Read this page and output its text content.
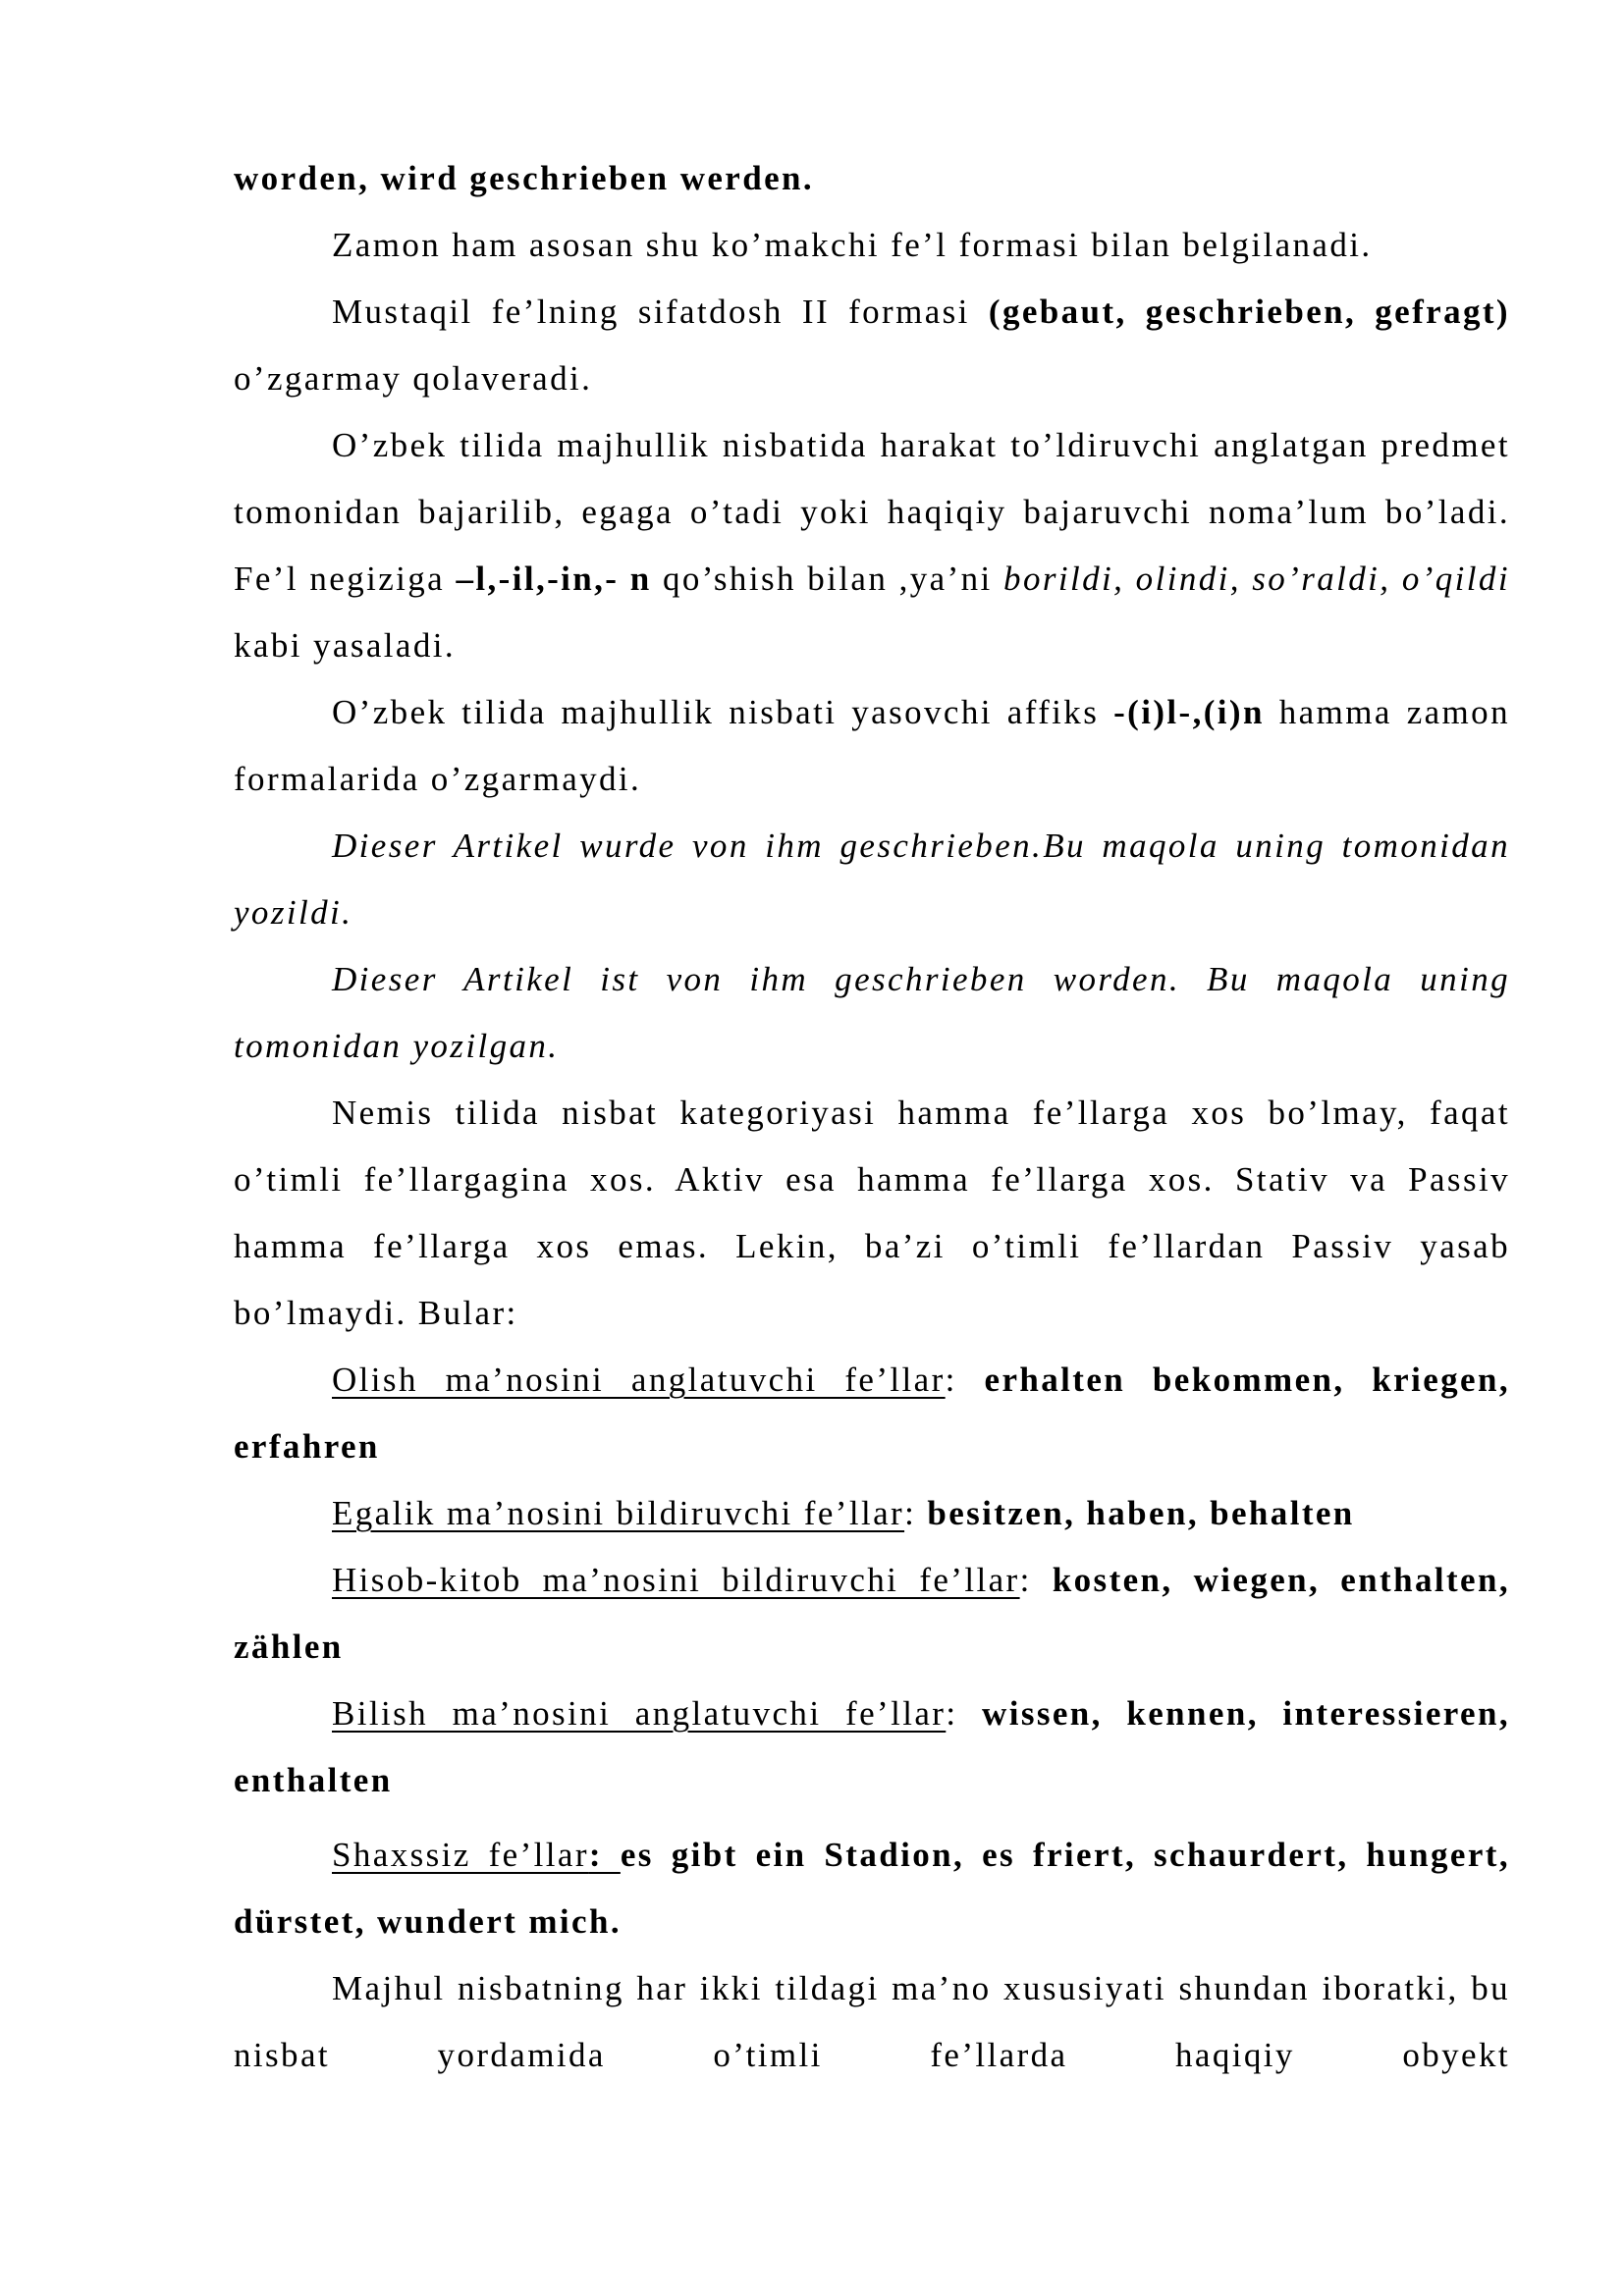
worden, wird geschrieben werden.

Zamon ham asosan shu ko’makchi fe’l formasi bilan belgilanadi.

Mustaqil fe’lning sifatdosh II formasi (gebaut, geschrieben, gefragt) o’zgarmay qolaveradi.

O’zbek tilida majhullik nisbatida harakat to’ldiruvchi anglatgan predmet tomonidan bajarilib, egaga o’tadi yoki haqiqiy bajaruvchi noma’lum bo’ladi. Fe’l negiziga –l,-il,-in,- n qo’shish bilan ,ya’ni borildi, olindi, so’raldi, o’qildi kabi yasaladi.

O’zbek tilida majhullik nisbati yasovchi affiks -(i)l-,(i)n hamma zamon formalarida o’zgarmaydi.

Dieser Artikel wurde von ihm geschrieben.Bu maqola uning tomonidan yozildi.

Dieser Artikel ist von ihm geschrieben worden. Bu maqola uning tomonidan yozilgan.

Nemis tilida nisbat kategoriyasi hamma fe’llarga xos bo’lmay, faqat o’timli fe’llargagina xos. Aktiv esa hamma fe’llarga xos. Stativ va Passiv hamma fe’llarga xos emas. Lekin, ba’zi o’timli fe’llardan Passiv yasab bo’lmaydi. Bular:

Olish ma’nosini anglatuvchi fe’llar: erhalten bekommen, kriegen, erfahren

Egalik ma’nosini bildiruvchi fe’llar: besitzen, haben, behalten

Hisob-kitob ma’nosini bildiruvchi fe’llar: kosten, wiegen, enthalten, zählen

Bilish ma’nosini anglatuvchi fe’llar: wissen, kennen, interessieren, enthalten

Shaxssiz fe’llar: es gibt ein Stadion, es friert, schaurdert, hungert, dürstet, wundert mich.

Majhul nisbatning har ikki tildagi ma’no xususiyati shundan iboratki, bu nisbat yordamida o’timli fe’llarda haqiqiy obyekt
